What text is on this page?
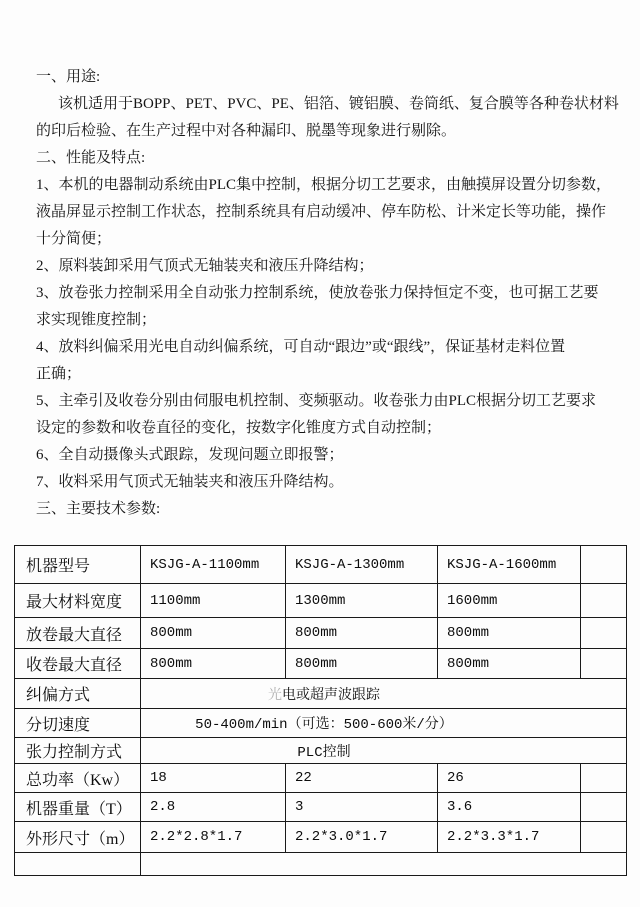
一、用途:
该机适用于BOPP、PET、PVC、PE、铝箔、镀铝膜、卷筒纸、复合膜等各种卷状材料
的印后检验、在生产过程中对各种漏印、脱墨等现象进行剔除。
二、性能及特点:
1、本机的电器制动系统由PLC集中控制，根据分切工艺要求，由触摸屏设置分切参数，
液晶屏显示控制工作状态，控制系统具有启动缓冲、停车防松、计米定长等功能，操作
十分简便；
2、原料装卸采用气顶式无轴装夹和液压升降结构；
3、放卷张力控制采用全自动张力控制系统，使放卷张力保持恒定不变，也可据工艺要
求实现锥度控制；
4、放料纠偏采用光电自动纠偏系统，可自动“跟边”或“跟线”，保证基材走料位置
正确；
5、主牵引及收卷分别由伺服电机控制、变频驱动。收卷张力由PLC根据分切工艺要求
设定的参数和收卷直径的变化，按数字化锥度方式自动控制；
6、全自动摄像头式跟踪，发现问题立即报警；
7、收料采用气顶式无轴装夹和液压升降结构。
三、主要技术参数:
机器型号	KSJG-A-1100mm	KSJG-A-1300mm	KSJG-A-1600mm	
最大材料宽度	1100mm	1300mm	1600mm	
放卷最大直径	800mm	800mm	800mm	
收卷最大直径	800mm	800mm	800mm	
纠偏方式	光电或超声波跟踪			
分切速度	50-400m/min（可选：500-600米/分）			
张力控制方式	PLC控制			
总功率（Kw）	18	22	26	
机器重量（T）	2.8	3	3.6	
外形尺寸（m）	2.2*2.8*1.7	2.2*3.0*1.7	2.2*3.3*1.7	
